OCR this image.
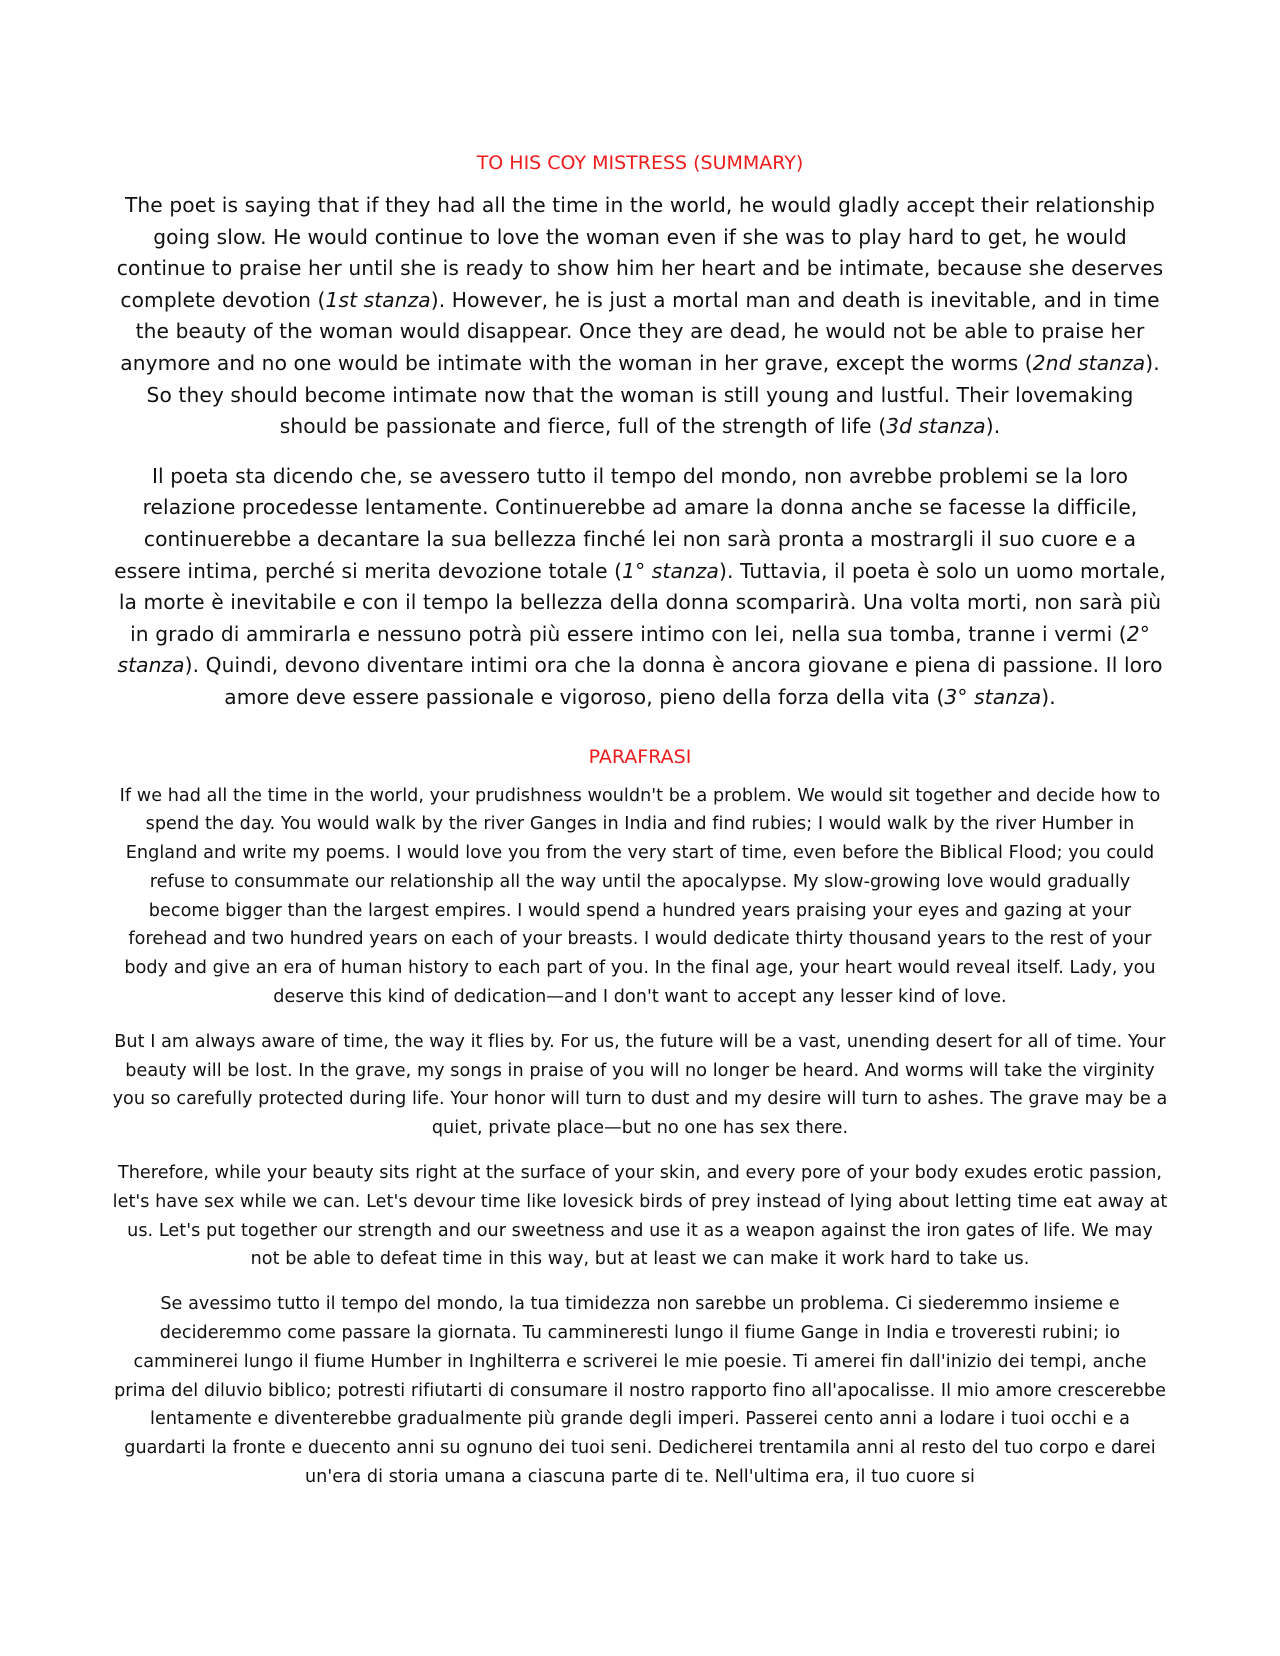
TO HIS COY MISTRESS (SUMMARY)

The poet is saying that if they had all the time in the world, he would gladly accept their relationship going slow. He would continue to love the woman even if she was to play hard to get, he would continue to praise her until she is ready to show him her heart and be intimate, because she deserves complete devotion (1st stanza). However, he is just a mortal man and death is inevitable, and in time the beauty of the woman would disappear. Once they are dead, he would not be able to praise her anymore and no one would be intimate with the woman in her grave, except the worms (2nd stanza). So they should become intimate now that the woman is still young and lustful. Their lovemaking should be passionate and fierce, full of the strength of life (3d stanza).

Il poeta sta dicendo che, se avessero tutto il tempo del mondo, non avrebbe problemi se la loro relazione procedesse lentamente. Continuerebbe ad amare la donna anche se facesse la difficile, continuerebbe a decantare la sua bellezza finché lei non sarà pronta a mostrargli il suo cuore e a essere intima, perché si merita devozione totale (1° stanza). Tuttavia, il poeta è solo un uomo mortale, la morte è inevitabile e con il tempo la bellezza della donna scomparirà. Una volta morti, non sarà più in grado di ammirarla e nessuno potrà più essere intimo con lei, nella sua tomba, tranne i vermi (2° stanza). Quindi, devono diventare intimi ora che la donna è ancora giovane e piena di passione. Il loro amore deve essere passionale e vigoroso, pieno della forza della vita (3° stanza).

PARAFRASI

If we had all the time in the world, your prudishness wouldn't be a problem. We would sit together and decide how to spend the day. You would walk by the river Ganges in India and find rubies; I would walk by the river Humber in England and write my poems. I would love you from the very start of time, even before the Biblical Flood; you could refuse to consummate our relationship all the way until the apocalypse. My slow-growing love would gradually become bigger than the largest empires. I would spend a hundred years praising your eyes and gazing at your forehead and two hundred years on each of your breasts. I would dedicate thirty thousand years to the rest of your body and give an era of human history to each part of you. In the final age, your heart would reveal itself. Lady, you deserve this kind of dedication—and I don't want to accept any lesser kind of love.

But I am always aware of time, the way it flies by. For us, the future will be a vast, unending desert for all of time. Your beauty will be lost. In the grave, my songs in praise of you will no longer be heard. And worms will take the virginity you so carefully protected during life. Your honor will turn to dust and my desire will turn to ashes. The grave may be a quiet, private place—but no one has sex there.

Therefore, while your beauty sits right at the surface of your skin, and every pore of your body exudes erotic passion, let's have sex while we can. Let's devour time like lovesick birds of prey instead of lying about letting time eat away at us. Let's put together our strength and our sweetness and use it as a weapon against the iron gates of life. We may not be able to defeat time in this way, but at least we can make it work hard to take us.

Se avessimo tutto il tempo del mondo, la tua timidezza non sarebbe un problema. Ci siederemmo insieme e decideremmo come passare la giornata. Tu cammineresti lungo il fiume Gange in India e troveresti rubini; io camminerei lungo il fiume Humber in Inghilterra e scriverei le mie poesie. Ti amerei fin dall'inizio dei tempi, anche prima del diluvio biblico; potresti rifiutarti di consumare il nostro rapporto fino all'apocalisse. Il mio amore crescerebbe lentamente e diventerebbe gradualmente più grande degli imperi. Passerei cento anni a lodare i tuoi occhi e a guardarti la fronte e duecento anni su ognuno dei tuoi seni. Dedicherei trentamila anni al resto del tuo corpo e darei un'era di storia umana a ciascuna parte di te. Nell'ultima era, il tuo cuore si
